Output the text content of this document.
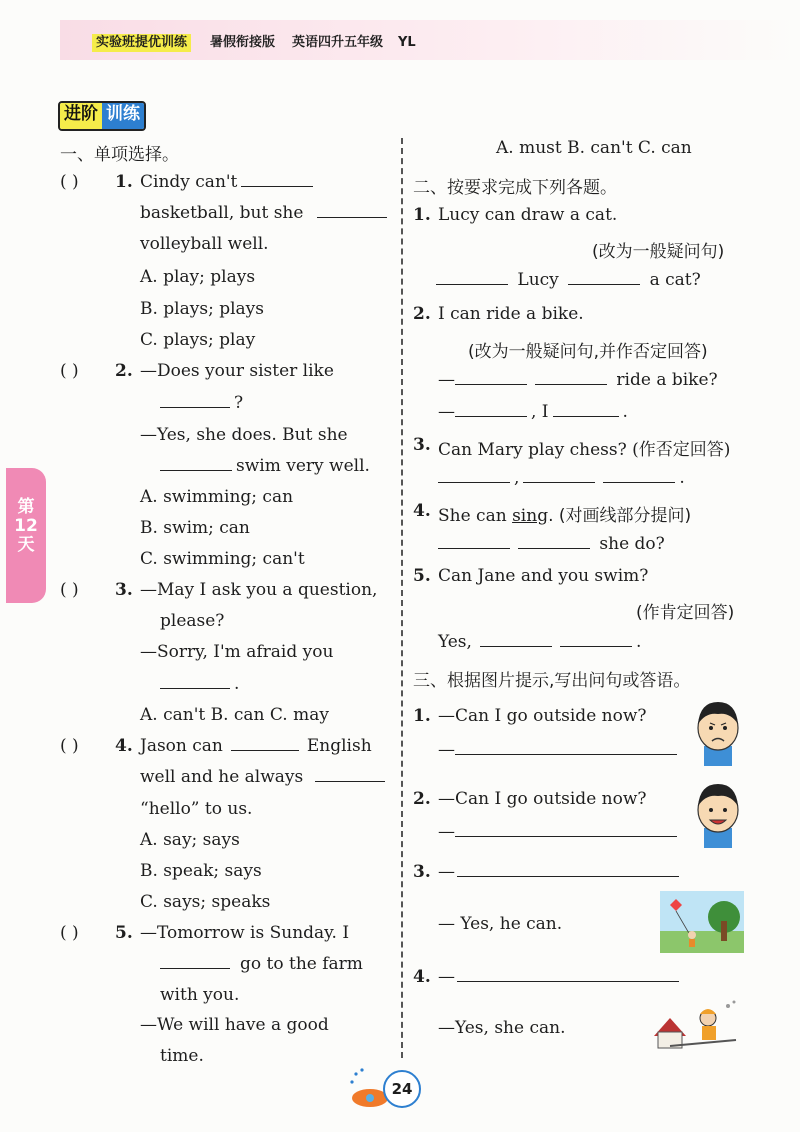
实验班提优训练	暑假衔接版 英语四升五年级 YL
进阶 训练
第
12
天
一、单项选择。
( ) 1. Cindy can't
basketball, but she
volleyball well.
A. play; plays
B. plays; plays
C. plays; play
( ) 2. —Does your sister like
?
—Yes, she does. But she
swim very well.
A. swimming; can
B. swim; can
C. swimming; can't
( ) 3. —May I ask you a question,
please?
—Sorry, I'm afraid you
.
A. can't B. can C. may
( ) 4. Jason can	English
well and he always
“hello” to us.
A. say; says
B. speak; says
C. says; speaks
( ) 5. —Tomorrow is Sunday. I
go to the farm
with you.
—We will have a good
time.
A. must B. can't C. can
二、按要求完成下列各题。
1. Lucy can draw a cat.
(改为一般疑问句)
Lucy	a cat?
2. I can ride a bike.
(改为一般疑问句,并作否定回答)
—	ride a bike?
—	, I	.
3. Can Mary play chess? (作否定回答)
,	.
4. She can sing. (对画线部分提问)
she do?
5. Can Jane and you swim?
(作肯定回答)
Yes,	.
三、根据图片提示,写出问句或答语。
1. —Can I go outside now?
—
2. —Can I go outside now?
—
3. —
— Yes, he can.
4. —
—Yes, she can.
24
